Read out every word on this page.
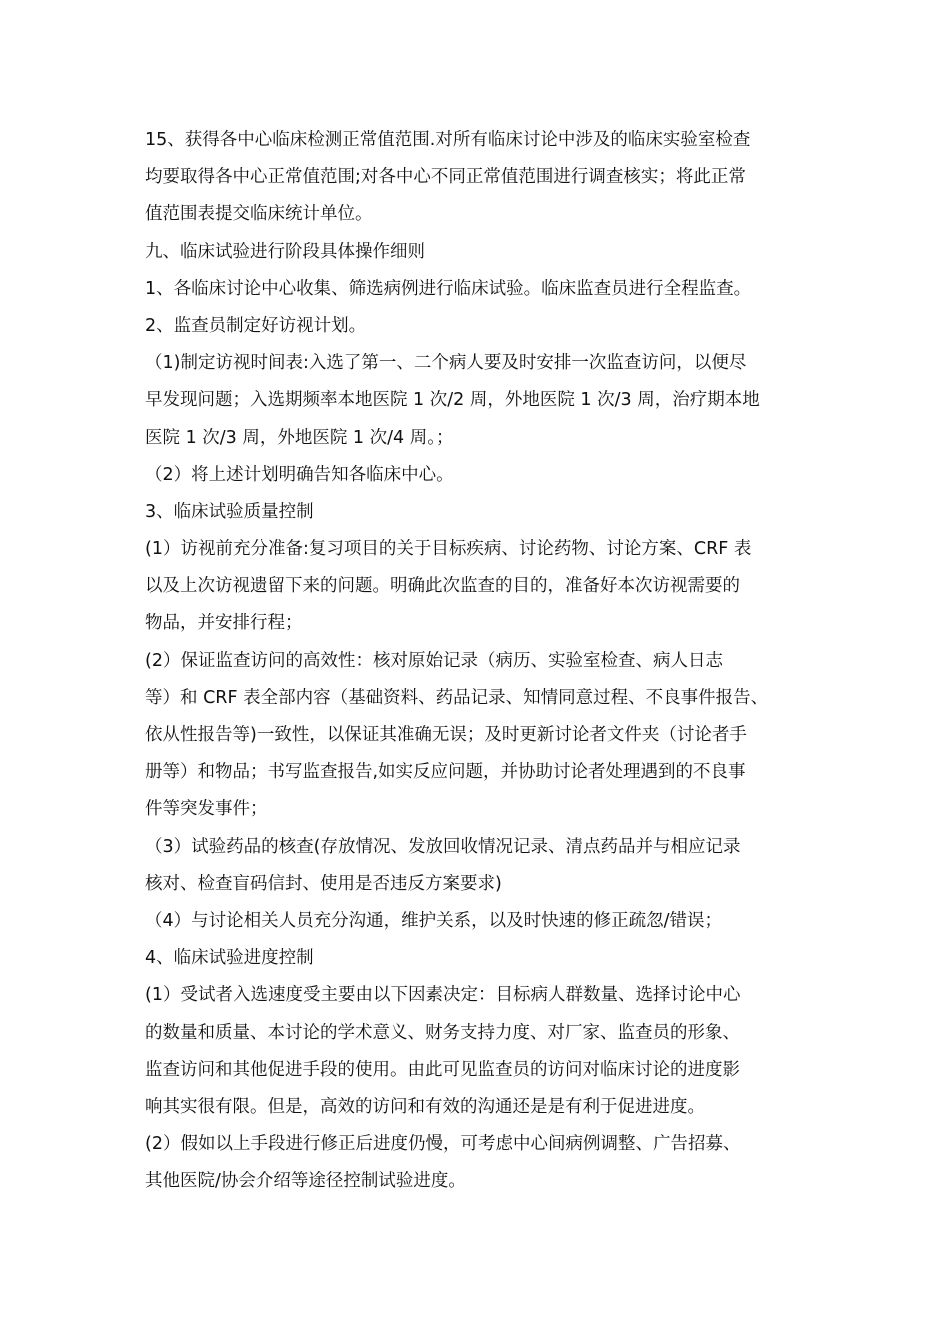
15、获得各中心临床检测正常值范围.对所有临床讨论中涉及的临床实验室检查
均要取得各中心正常值范围;对各中心不同正常值范围进行调查核实；将此正常
值范围表提交临床统计单位。
九、临床试验进行阶段具体操作细则
1、各临床讨论中心收集、筛选病例进行临床试验。临床监查员进行全程监查。
2、监查员制定好访视计划。
（1)制定访视时间表:入选了第一、二个病人要及时安排一次监查访问，以便尽
早发现问题；入选期频率本地医院 1 次/2 周，外地医院 1 次/3 周，治疗期本地
医院 1 次/3 周，外地医院 1 次/4 周。；
（2）将上述计划明确告知各临床中心。
3、临床试验质量控制
(1）访视前充分准备:复习项目的关于目标疾病、讨论药物、讨论方案、CRF 表
以及上次访视遗留下来的问题。明确此次监查的目的，准备好本次访视需要的
物品，并安排行程；
(2）保证监查访问的高效性：核对原始记录（病历、实验室检查、病人日志
等）和 CRF 表全部内容（基础资料、药品记录、知情同意过程、不良事件报告、
依从性报告等)一致性，以保证其准确无误；及时更新讨论者文件夹（讨论者手
册等）和物品；书写监查报告,如实反应问题，并协助讨论者处理遇到的不良事
件等突发事件；
（3）试验药品的核查(存放情况、发放回收情况记录、清点药品并与相应记录
核对、检查盲码信封、使用是否违反方案要求)
（4）与讨论相关人员充分沟通，维护关系，以及时快速的修正疏忽/错误；
4、临床试验进度控制
(1）受试者入选速度受主要由以下因素决定：目标病人群数量、选择讨论中心
的数量和质量、本讨论的学术意义、财务支持力度、对厂家、监查员的形象、
监查访问和其他促进手段的使用。由此可见监查员的访问对临床讨论的进度影
响其实很有限。但是，高效的访问和有效的沟通还是是有利于促进进度。
(2）假如以上手段进行修正后进度仍慢，可考虑中心间病例调整、广告招募、
其他医院/协会介绍等途径控制试验进度。
